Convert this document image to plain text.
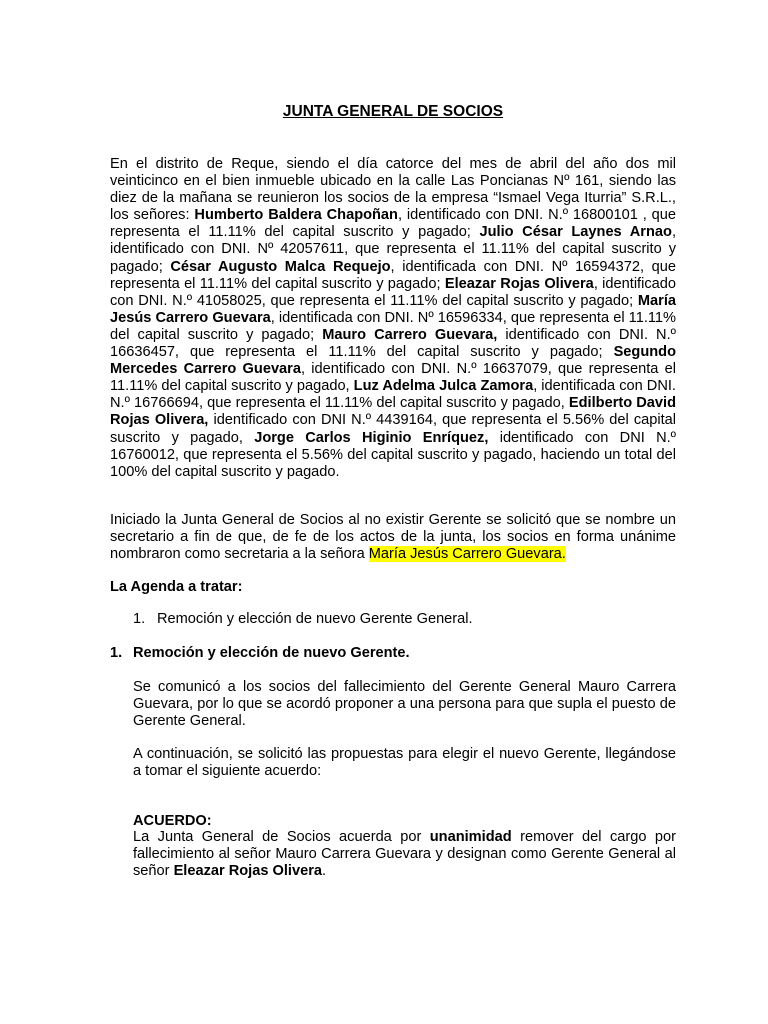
JUNTA GENERAL DE SOCIOS
En el distrito de Reque, siendo el día catorce del mes de abril del año dos mil veinticinco en el bien inmueble ubicado en la calle Las Poncianas Nº 161, siendo las diez de la mañana se reunieron los socios de la empresa “Ismael Vega Iturria” S.R.L., los señores: Humberto Baldera Chapoñan, identificado con DNI. N.º 16800101 , que representa el 11.11% del capital suscrito y pagado; Julio César Laynes Arnao, identificado con DNI. Nº 42057611, que representa el 11.11% del capital suscrito y pagado; César Augusto Malca Requejo, identificada con DNI. Nº 16594372, que representa el 11.11% del capital suscrito y pagado; Eleazar Rojas Olivera, identificado con DNI. N.º 41058025, que representa el 11.11% del capital suscrito y pagado; María Jesús Carrero Guevara, identificada con DNI. Nº 16596334, que representa el 11.11% del capital suscrito y pagado; Mauro Carrero Guevara, identificado con DNI. N.º 16636457, que representa el 11.11% del capital suscrito y pagado; Segundo Mercedes Carrero Guevara, identificado con DNI. N.º 16637079, que representa el 11.11% del capital suscrito y pagado, Luz Adelma Julca Zamora, identificada con DNI. N.º 16766694, que representa el 11.11% del capital suscrito y pagado, Edilberto David Rojas Olivera, identificado con DNI N.º 4439164, que representa el 5.56% del capital suscrito y pagado, Jorge Carlos Higinio Enríquez, identificado con DNI N.º 16760012, que representa el 5.56% del capital suscrito y pagado, haciendo un total del 100% del capital suscrito y pagado.
Iniciado la Junta General de Socios al no existir Gerente se solicitó que se nombre un secretario a fin de que, de fe de los actos de la junta, los socios en forma unánime nombraron como secretaria a la señora María Jesús Carrero Guevara.
La Agenda a tratar:
1. Remoción y elección de nuevo Gerente General.
1. Remoción y elección de nuevo Gerente.
Se comunicó a los socios del fallecimiento del Gerente General Mauro Carrera Guevara, por lo que se acordó proponer a una persona para que supla el puesto de Gerente General.
A continuación, se solicitó las propuestas para elegir el nuevo Gerente, llegándose a tomar el siguiente acuerdo:
ACUERDO:
La Junta General de Socios acuerda por unanimidad remover del cargo por fallecimiento al señor Mauro Carrera Guevara y designan como Gerente General al señor Eleazar Rojas Olivera.
